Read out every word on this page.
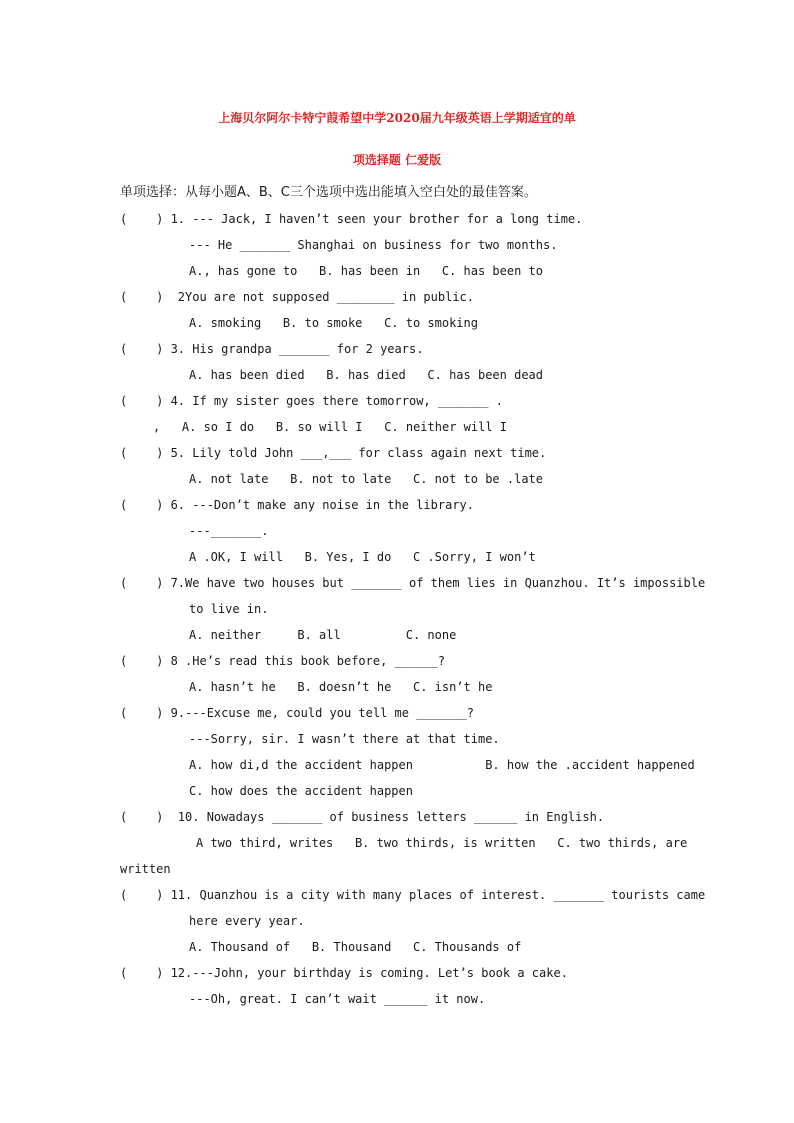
上海贝尔阿尔卡特宁葭希望中学2020届九年级英语上学期适宜的单
项选择题 仁爱版
单项选择：从每小题A、B、C三个选项中选出能填入空白处的最佳答案。
(    ) 1. --- Jack, I haven’t seen your brother for a long time.
--- He _______ Shanghai on business for two months.
A., has gone to   B. has been in   C. has been to
(    )  2You are not supposed ________ in public.
A. smoking   B. to smoke   C. to smoking
(    ) 3. His grandpa _______ for 2 years.
A. has been died   B. has died   C. has been dead
(    ) 4. If my sister goes there tomorrow, _______ .
,   A. so I do   B. so will I   C. neither will I
(    ) 5. Lily told John ___,___ for class again next time.
A. not late   B. not to late   C. not to be .late
(    ) 6. ---Don’t make any noise in the library.
---_______.
A .OK, I will   B. Yes, I do   C .Sorry, I won’t
(    ) 7.We have two houses but _______ of them lies in Quanzhou. It’s impossible
to live in.
A. neither     B. all         C. none
(    ) 8 .He’s read this book before, ______?
A. hasn’t he   B. doesn’t he   C. isn’t he
(    ) 9.---Excuse me, could you tell me _______?
---Sorry, sir. I wasn’t there at that time.
A. how di,d the accident happen          B. how the .accident happened
C. how does the accident happen
(    )  10. Nowadays _______ of business letters ______ in English.
A two third, writes   B. two thirds, is written   C. two thirds, are
written
(    ) 11. Quanzhou is a city with many places of interest. _______ tourists came
here every year.
A. Thousand of   B. Thousand   C. Thousands of
(    ) 12.---John, your birthday is coming. Let’s book a cake.
---Oh, great. I can’t wait ______ it now.
